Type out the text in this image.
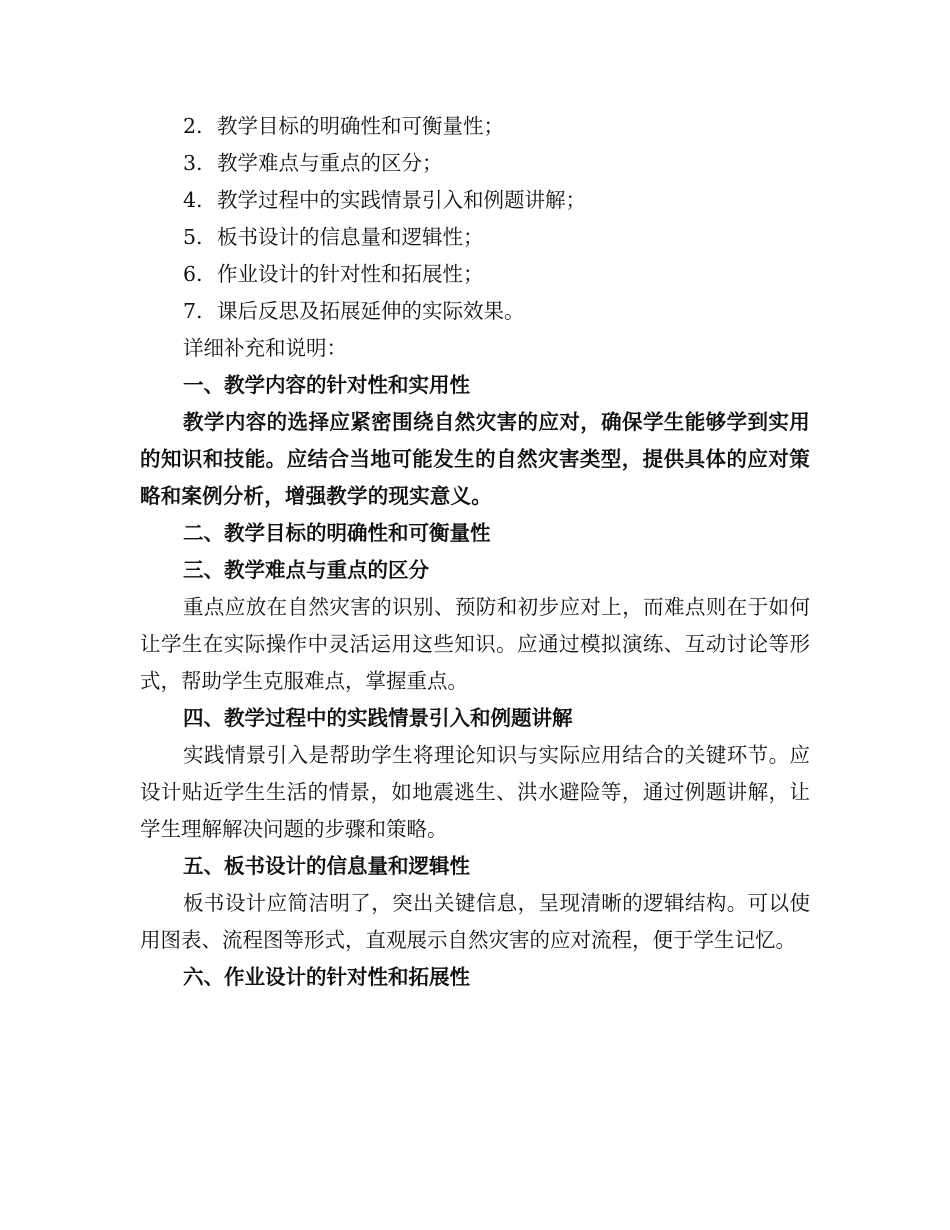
2. 教学目标的明确性和可衡量性；
3. 教学难点与重点的区分；
4. 教学过程中的实践情景引入和例题讲解；
5. 板书设计的信息量和逻辑性；
6. 作业设计的针对性和拓展性；
7. 课后反思及拓展延伸的实际效果。
详细补充和说明：
一、教学内容的针对性和实用性
教学内容的选择应紧密围绕自然灾害的应对，确保学生能够学到实用的知识和技能。应结合当地可能发生的自然灾害类型，提供具体的应对策略和案例分析，增强教学的现实意义。
二、教学目标的明确性和可衡量性
三、教学难点与重点的区分
重点应放在自然灾害的识别、预防和初步应对上，而难点则在于如何让学生在实际操作中灵活运用这些知识。应通过模拟演练、互动讨论等形式，帮助学生克服难点，掌握重点。
四、教学过程中的实践情景引入和例题讲解
实践情景引入是帮助学生将理论知识与实际应用结合的关键环节。应设计贴近学生生活的情景，如地震逃生、洪水避险等，通过例题讲解，让学生理解解决问题的步骤和策略。
五、板书设计的信息量和逻辑性
板书设计应简洁明了，突出关键信息，呈现清晰的逻辑结构。可以使用图表、流程图等形式，直观展示自然灾害的应对流程，便于学生记忆。
六、作业设计的针对性和拓展性
